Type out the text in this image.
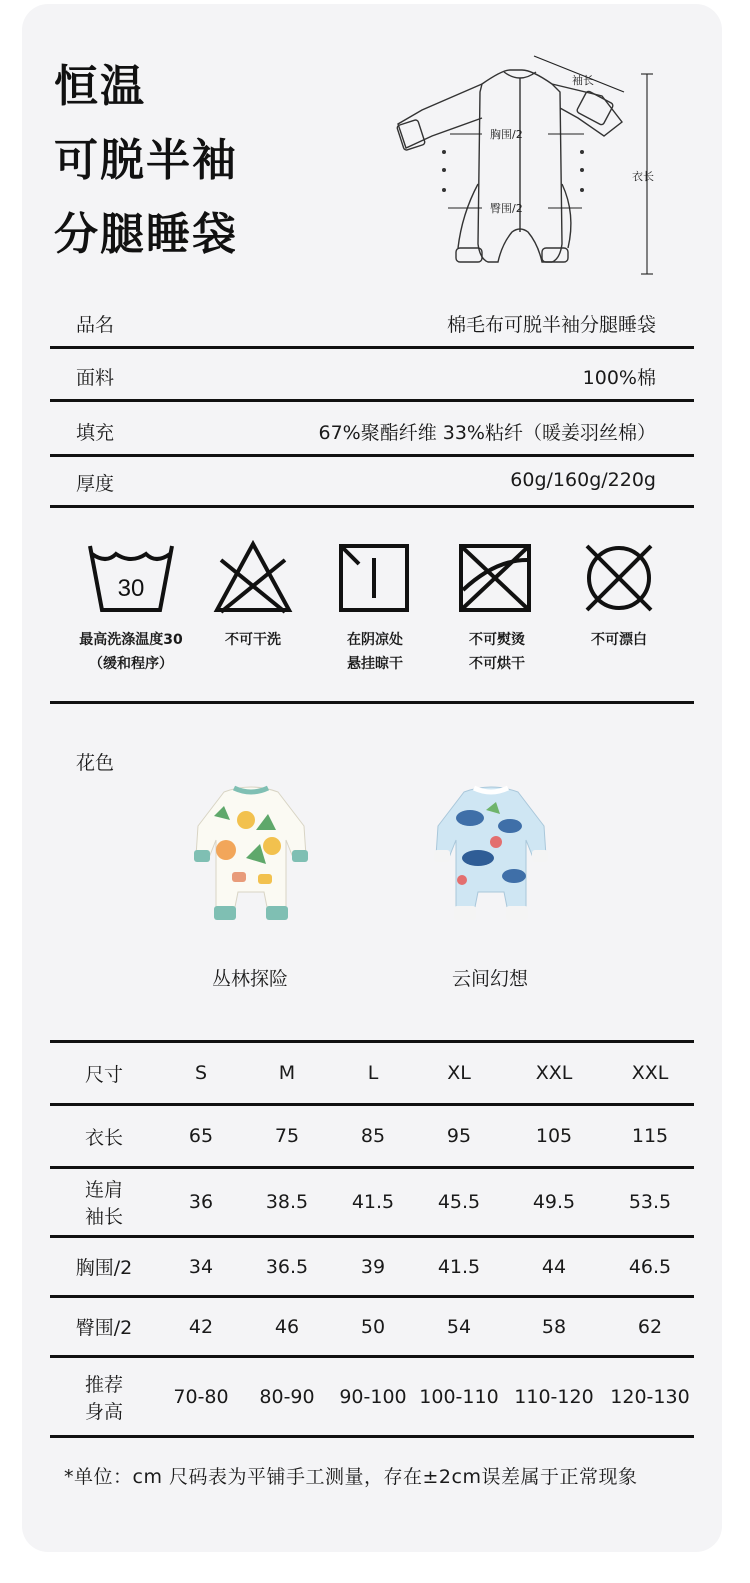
恒温
可脱半袖
分腿睡袋
袖长
胸围/2
臀围/2
衣长
品名	棉毛布可脱半袖分腿睡袋
面料	100%棉
填充	67%聚酯纤维 33%粘纤（暖姜羽丝棉）
厚度	60g/160g/220g
30
最高洗涤温度30
（缓和程序）
不可干洗	在阴凉处
悬挂晾干
不可熨烫
不可烘干
不可漂白

花色
丛林探险	云间幻想
尺寸	S	M	L	XL	XXL	XXL
衣长	65	75	85	95	105	115
连肩
袖长	36	38.5	41.5	45.5	49.5	53.5
胸围/2	34	36.5	39	41.5	44	46.5
臀围/2	42	46	50	54	58	62
推荐
身高	70-80	80-90	90-100	100-110	110-120	120-130
*单位：cm 尺码表为平铺手工测量，存在±2cm误差属于正常现象
